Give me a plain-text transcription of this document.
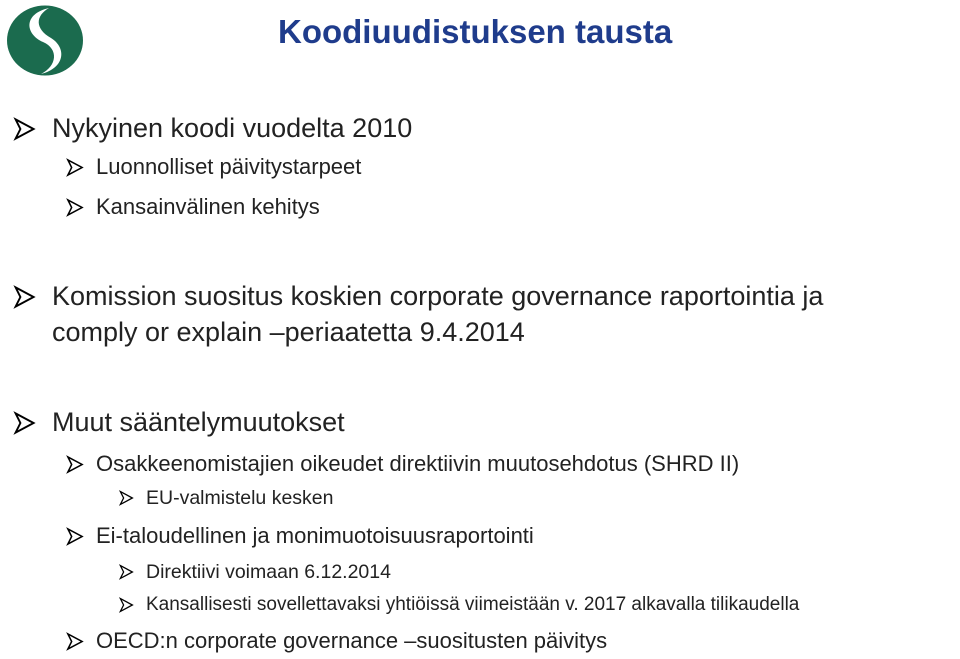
Koodiuudistuksen tausta
Nykyinen koodi vuodelta 2010
Luonnolliset päivitystarpeet
Kansainvälinen kehitys
Komission suositus koskien corporate governance raportointia ja
comply or explain –periaatetta 9.4.2014
Muut sääntelymuutokset
Osakkeenomistajien oikeudet direktiivin muutosehdotus (SHRD II)
EU-valmistelu kesken
Ei-taloudellinen ja monimuotoisuusraportointi
Direktiivi voimaan 6.12.2014
Kansallisesti sovellettavaksi yhtiöissä viimeistään v. 2017 alkavalla tilikaudella
OECD:n corporate governance –suositusten päivitys
